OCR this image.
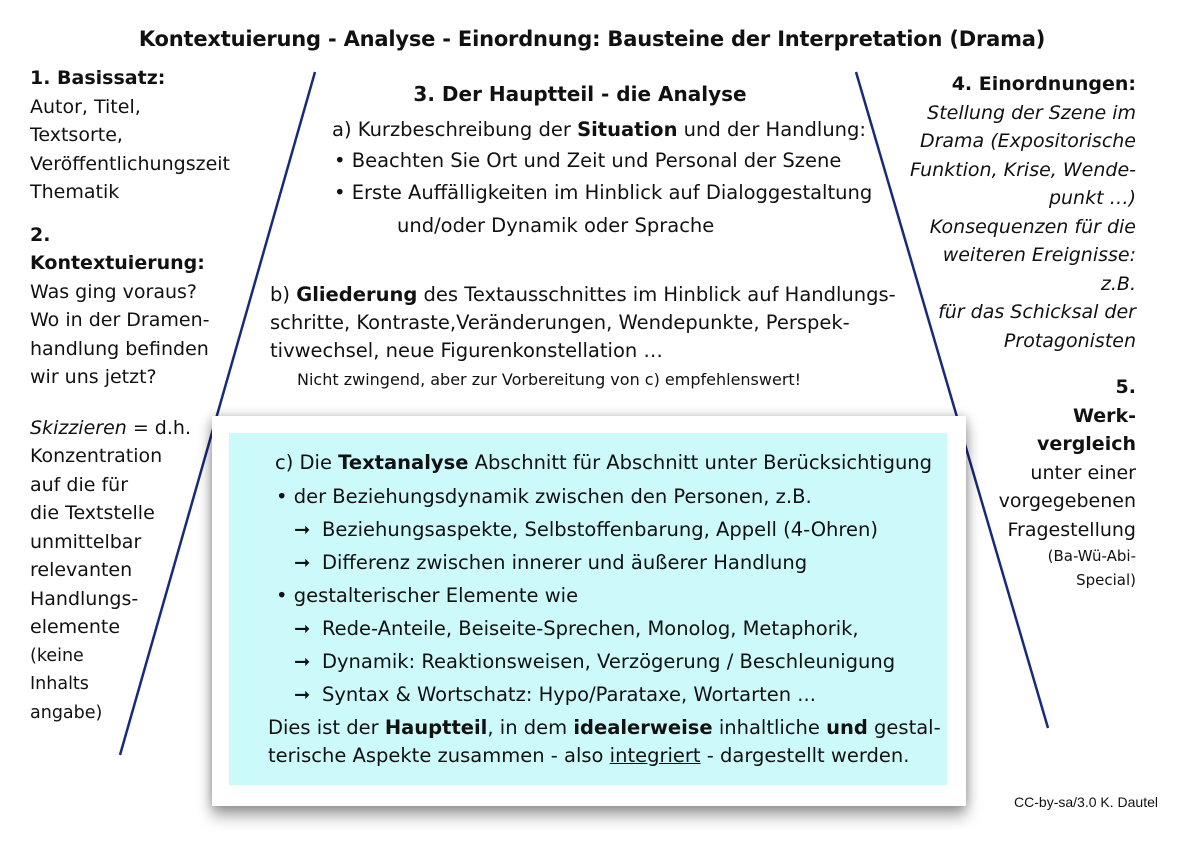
Kontextuierung - Analyse - Einordnung: Bausteine der Interpretation (Drama)
1. Basissatz:
Autor, Titel, Textsorte,
Veröffentlichungszeit
Thematik
2. Kontextuierung:
Was ging voraus?
Wo in der Dramen-
handlung befinden
wir uns jetzt?
Skizzieren = d.h.
Konzentration
auf die für
die Textstelle
unmittelbar
relevanten
Handlungs-
elemente
(keine
Inhalts
angabe)
3. Der Hauptteil - die Analyse
a) Kurzbeschreibung der Situation und der Handlung:
• Beachten Sie Ort und Zeit und Personal der Szene
• Erste Auffälligkeiten im Hinblick auf Dialoggestaltung
und/oder Dynamik oder Sprache
b) Gliederung des Textausschnittes im Hinblick auf Handlungs-
schritte, Kontraste,Veränderungen, Wendepunkte, Perspek-
tivwechsel, neue Figurenkonstellation …
Nicht zwingend, aber zur Vorbereitung von c) empfehlenswert!
c) Die Textanalyse Abschnitt für Abschnitt unter Berücksichtigung
• der Beziehungsdynamik zwischen den Personen, z.B.
➞ Beziehungsaspekte, Selbstoffenbarung, Appell (4-Ohren)
➞ Differenz zwischen innerer und äußerer Handlung
• gestalterischer Elemente wie
➞ Rede-Anteile, Beiseite-Sprechen, Monolog, Metaphorik,
➞ Dynamik: Reaktionsweisen, Verzögerung / Beschleunigung
➞ Syntax & Wortschatz: Hypo/Parataxe, Wortarten ...
Dies ist der Hauptteil, in dem idealerweise inhaltliche und gestal-
terische Aspekte zusammen - also integriert - dargestellt werden.
4. Einordnungen:
Stellung der Szene im
Drama (Expositorische
Funktion, Krise, Wende-
punkt …)
Konsequenzen für die
weiteren Ereignisse:
z.B.
für das Schicksal der
Protagonisten
5.
Werk-
vergleich
unter einer
vorgegebenen
Fragestellung
(Ba-Wü-Abi-
Special)
CC-by-sa/3.0 K. Dautel
